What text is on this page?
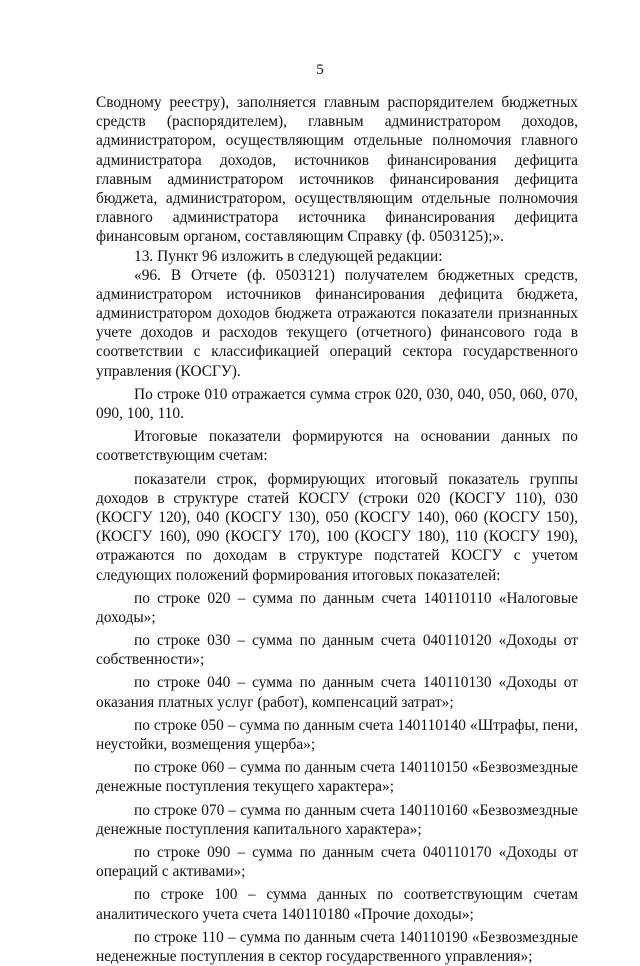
5
Сводному реестру), заполняется главным распорядителем бюджетных
средств (распорядителем), главным администратором доходов,
администратором, осуществляющим отдельные полномочия главного
администратора доходов, источников финансирования дефицита
главным администратором источников финансирования дефицита
бюджета, администратором, осуществляющим отдельные полномочия
главного администратора источника финансирования дефицита
финансовым органом, составляющим Справку (ф. 0503125);».
13. Пункт 96 изложить в следующей редакции:
«96. В Отчете (ф. 0503121) получателем бюджетных средств,
администратором источников финансирования дефицита бюджета,
администратором доходов бюджета отражаются показатели признанных
учете доходов и расходов текущего (отчетного) финансового года в
соответствии с классификацией операций сектора государственного
управления (КОСГУ).
По строке 010 отражается сумма строк 020, 030, 040, 050, 060, 070,
090, 100, 110.
Итоговые показатели формируются на основании данных по
соответствующим счетам:
показатели строк, формирующих итоговый показатель группы
доходов в структуре статей КОСГУ (строки 020 (КОСГУ 110), 030
(КОСГУ 120), 040 (КОСГУ 130), 050 (КОСГУ 140), 060 (КОСГУ 150),
(КОСГУ 160), 090 (КОСГУ 170), 100 (КОСГУ 180), 110 (КОСГУ 190),
отражаются по доходам в структуре подстатей КОСГУ с учетом
следующих положений формирования итоговых показателей:
по строке 020 – сумма по данным счета 140110110 «Налоговые
доходы»;
по строке 030 – сумма по данным счета 040110120 «Доходы от
собственности»;
по строке 040 – сумма по данным счета 140110130 «Доходы от
оказания платных услуг (работ), компенсаций затрат»;
по строке 050 – сумма по данным счета 140110140 «Штрафы, пени,
неустойки, возмещения ущерба»;
по строке 060 – сумма по данным счета 140110150 «Безвозмездные
денежные поступления текущего характера»;
по строке 070 – сумма по данным счета 140110160 «Безвозмездные
денежные поступления капитального характера»;
по строке 090 – сумма по данным счета 040110170 «Доходы от
операций с активами»;
по строке 100 – сумма данных по соответствующим счетам
аналитического учета счета 140110180 «Прочие доходы»;
по строке 110 – сумма по данным счета 140110190 «Безвозмездные
неденежные поступления в сектор государственного управления»;
